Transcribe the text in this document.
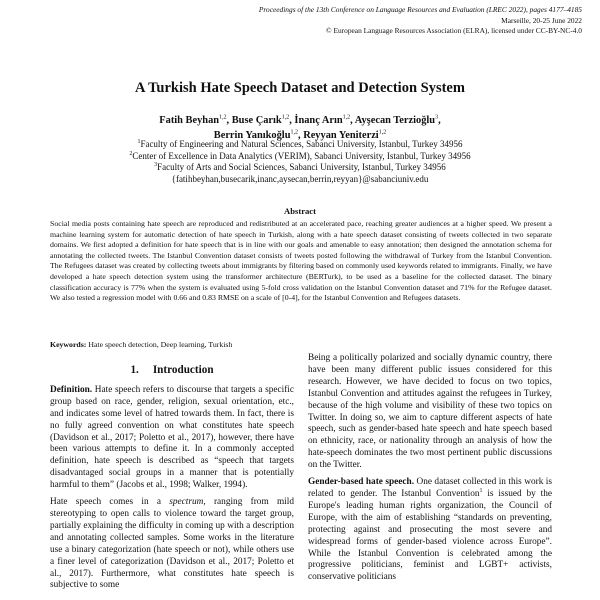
Proceedings of the 13th Conference on Language Resources and Evaluation (LREC 2022), pages 4177–4185
Marseille, 20-25 June 2022
© European Language Resources Association (ELRA), licensed under CC-BY-NC-4.0
A Turkish Hate Speech Dataset and Detection System
Fatih Beyhan$^{1,2}$, Buse Çarık$^{1,2}$, İnanç Arın$^{1,2}$, Ayşecan Terzioğlu$^3$,
Berrin Yanıkoğlu$^{1,2}$, Reyyan Yeniterzi$^{1,2}$
$^1$Faculty of Engineering and Natural Sciences, Sabanci University, Istanbul, Turkey 34956
$^2$Center of Excellence in Data Analytics (VERIM), Sabanci University, Istanbul, Turkey 34956
$^3$Faculty of Arts and Social Sciences, Sabanci University, Istanbul, Turkey 34956
{fatihbeyhan,busecarik,inanc,aysecan,berrin,reyyan}@sabanciuniv.edu
Abstract
Social media posts containing hate speech are reproduced and redistributed at an accelerated pace, reaching greater audiences at a higher speed. We present a machine learning system for automatic detection of hate speech in Turkish, along with a hate speech dataset consisting of tweets collected in two separate domains. We first adopted a definition for hate speech that is in line with our goals and amenable to easy annotation; then designed the annotation schema for annotating the collected tweets. The Istanbul Convention dataset consists of tweets posted following the withdrawal of Turkey from the Istanbul Convention. The Refugees dataset was created by collecting tweets about immigrants by filtering based on commonly used keywords related to immigrants. Finally, we have developed a hate speech detection system using the transformer architecture (BERTurk), to be used as a baseline for the collected dataset. The binary classification accuracy is 77% when the system is evaluated using 5-fold cross validation on the Istanbul Convention dataset and 71% for the Refugee dataset. We also tested a regression model with 0.66 and 0.83 RMSE on a scale of [0-4], for the Istanbul Convention and Refugees datasets.
Keywords: Hate speech detection, Deep learning, Turkish
1. Introduction

Definition. Hate speech refers to discourse that targets a specific group based on race, gender, religion, sexual orientation, etc., and indicates some level of hatred towards them. In fact, there is no fully agreed convention on what constitutes hate speech (Davidson et al., 2017; Poletto et al., 2017), however, there have been various attempts to define it. In a commonly accepted definition, hate speech is described as “speech that targets disadvantaged social groups in a manner that is potentially harmful to them” (Jacobs et al., 1998; Walker, 1994).

Hate speech comes in a spectrum, ranging from mild stereotyping to open calls to violence toward the target group, partially explaining the difficulty in coming up with a description and annotating collected samples. Some works in the literature use a binary categorization (hate speech or not), while others use a finer level of categorization (Davidson et al., 2017; Poletto et al., 2017). Furthermore, what constitutes hate speech is subjective to some

Being a politically polarized and socially dynamic country, there have been many different public issues considered for this research. However, we have decided to focus on two topics, Istanbul Convention and attitudes against the refugees in Turkey, because of the high volume and visibility of these two topics on Twitter. In doing so, we aim to capture different aspects of hate speech, such as gender-based hate speech and hate speech based on ethnicity, race, or nationality through an analysis of how the hate-speech dominates the two most pertinent public discussions on the Twitter.

Gender-based hate speech. One dataset collected in this work is related to gender. The Istanbul Convention$^1$ is issued by the Europe's leading human rights organization, the Council of Europe, with the aim of establishing “standards on preventing, protecting against and prosecuting the most severe and widespread forms of gender-based violence across Europe”. While the Istanbul Convention is celebrated among the progressive politicians, feminist and LGBT+ activists, conservative politicians
